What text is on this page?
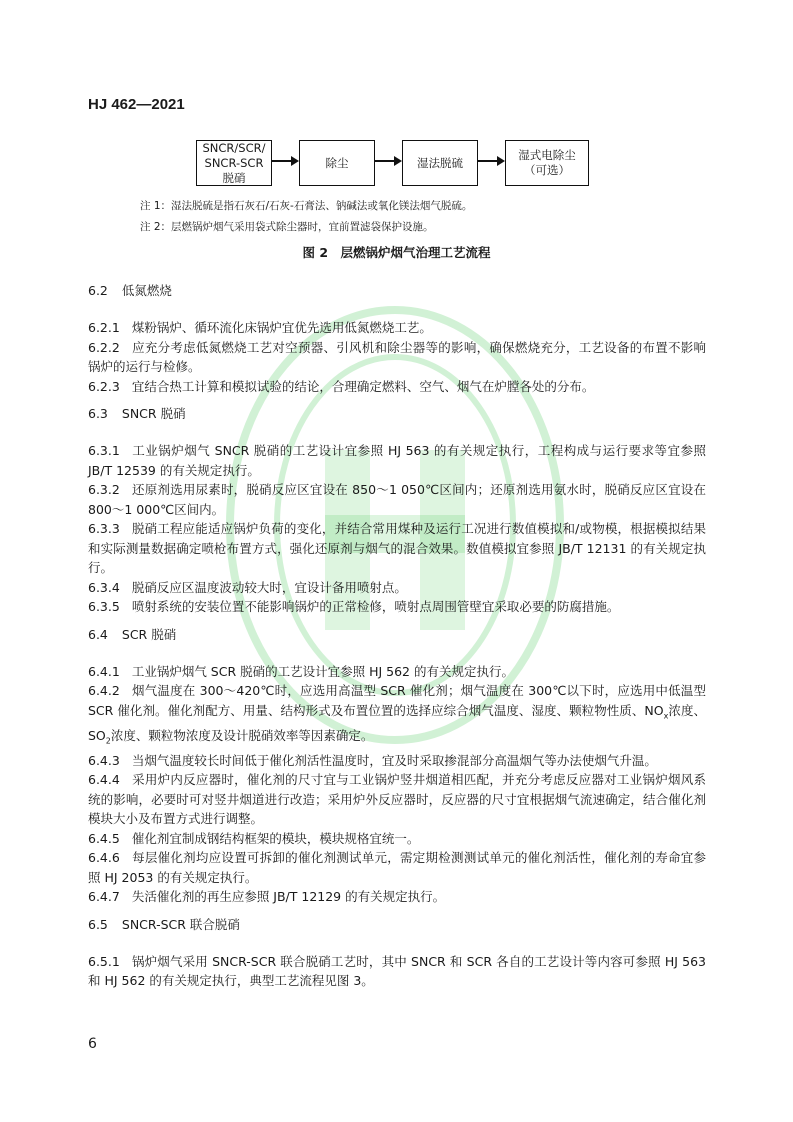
HJ 462—2021
SNCR/SCR/
SNCR-SCR
脱硝
除尘	湿法脱硫
湿式电除尘
（可选）
注 1：湿法脱硫是指石灰石/石灰-石膏法、钠碱法或氧化镁法烟气脱硫。
注 2：层燃锅炉烟气采用袋式除尘器时，宜前置滤袋保护设施。
图 2　层燃锅炉烟气治理工艺流程
6.2 低氮燃烧

6.2.1 煤粉锅炉、循环流化床锅炉宜优先选用低氮燃烧工艺。

6.2.2 应充分考虑低氮燃烧工艺对空预器、引风机和除尘器等的影响，确保燃烧充分，工艺设备的布置不影响锅炉的运行与检修。

6.2.3 宜结合热工计算和模拟试验的结论，合理确定燃料、空气、烟气在炉膛各处的分布。

6.3 SNCR 脱硝

6.3.1 工业锅炉烟气 SNCR 脱硝的工艺设计宜参照 HJ 563 的有关规定执行，工程构成与运行要求等宜参照 JB/T 12539 的有关规定执行。

6.3.2 还原剂选用尿素时，脱硝反应区宜设在 850～1 050℃区间内；还原剂选用氨水时，脱硝反应区宜设在 800～1 000℃区间内。

6.3.3 脱硝工程应能适应锅炉负荷的变化，并结合常用煤种及运行工况进行数值模拟和/或物模，根据模拟结果和实际测量数据确定喷枪布置方式，强化还原剂与烟气的混合效果。数值模拟宜参照 JB/T 12131 的有关规定执行。

6.3.4 脱硝反应区温度波动较大时，宜设计备用喷射点。

6.3.5 喷射系统的安装位置不能影响锅炉的正常检修，喷射点周围管壁宜采取必要的防腐措施。

6.4 SCR 脱硝

6.4.1 工业锅炉烟气 SCR 脱硝的工艺设计宜参照 HJ 562 的有关规定执行。

6.4.2 烟气温度在 300～420℃时，应选用高温型 SCR 催化剂；烟气温度在 300℃以下时，应选用中低温型 SCR 催化剂。催化剂配方、用量、结构形式及布置位置的选择应综合烟气温度、湿度、颗粒物性质、$NO_x$浓度、$SO_2$浓度、颗粒物浓度及设计脱硝效率等因素确定。

6.4.3 当烟气温度较长时间低于催化剂活性温度时，宜及时采取掺混部分高温烟气等办法使烟气升温。

6.4.4 采用炉内反应器时，催化剂的尺寸宜与工业锅炉竖井烟道相匹配，并充分考虑反应器对工业锅炉烟风系统的影响，必要时可对竖井烟道进行改造；采用炉外反应器时，反应器的尺寸宜根据烟气流速确定，结合催化剂模块大小及布置方式进行调整。

6.4.5 催化剂宜制成钢结构框架的模块，模块规格宜统一。

6.4.6 每层催化剂均应设置可拆卸的催化剂测试单元，需定期检测测试单元的催化剂活性，催化剂的寿命宜参照 HJ 2053 的有关规定执行。

6.4.7 失活催化剂的再生应参照 JB/T 12129 的有关规定执行。

6.5 SNCR-SCR 联合脱硝

6.5.1 锅炉烟气采用 SNCR-SCR 联合脱硝工艺时，其中 SNCR 和 SCR 各自的工艺设计等内容可参照 HJ 563 和 HJ 562 的有关规定执行，典型工艺流程见图 3。

6
